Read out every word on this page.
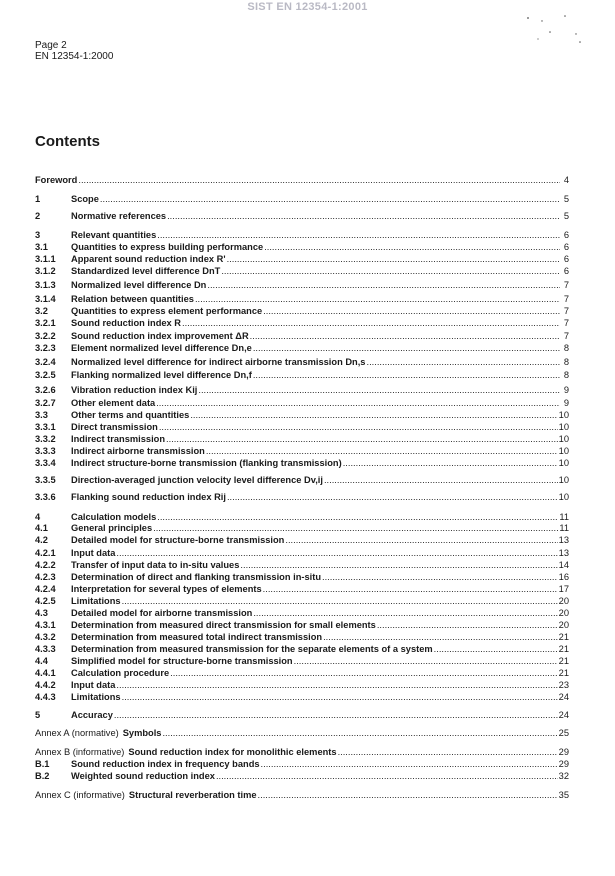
SIST EN 12354-1:2001
Page 2
EN 12354-1:2000
Contents
Foreword .....	4
1	Scope .....	5
2	Normative references .....	5
3	Relevant quantities .....	6
3.1	Quantities to express building performance .....	6
3.1.1	Apparent sound reduction index R' .....	6
3.1.2	Standardized level difference DnT .....	6
3.1.3	Normalized level difference Dn .....	7
3.1.4	Relation between quantities .....	7
3.2	Quantities to express element performance .....	7
3.2.1	Sound reduction index R .....	7
3.2.2	Sound reduction index improvement ΔR .....	7
3.2.3	Element normalized level difference Dn,e .....	8
3.2.4	Normalized level difference for indirect airborne transmission Dn,s .....	8
3.2.5	Flanking normalized level difference Dn,f .....	8
3.2.6	Vibration reduction index Kij .....	9
3.2.7	Other element data .....	9
3.3	Other terms and quantities .....	10
3.3.1	Direct transmission .....	10
3.3.2	Indirect transmission .....	10
3.3.3	Indirect airborne transmission .....	10
3.3.4	Indirect structure-borne transmission (flanking transmission) .....	10
3.3.5	Direction-averaged junction velocity level difference Dv,ij .....	10
3.3.6	Flanking sound reduction index Rij .....	10
4	Calculation models .....	11
4.1	General principles .....	11
4.2	Detailed model for structure-borne transmission .....	13
4.2.1	Input data .....	13
4.2.2	Transfer of input data to in-situ values .....	14
4.2.3	Determination of direct and flanking transmission in-situ .....	16
4.2.4	Interpretation for several types of elements .....	17
4.2.5	Limitations .....	20
4.3	Detailed model for airborne transmission .....	20
4.3.1	Determination from measured direct transmission for small elements .....	20
4.3.2	Determination from measured total indirect transmission .....	21
4.3.3	Determination from measured transmission for the separate elements of a system .....	21
4.4	Simplified model for structure-borne transmission .....	21
4.4.1	Calculation procedure .....	21
4.4.2	Input data .....	23
4.4.3	Limitations .....	24
5	Accuracy .....	24
Annex A (normative) Symbols .....	25
Annex B (informative) Sound reduction index for monolithic elements .....	29
B.1	Sound reduction index in frequency bands .....	29
B.2	Weighted sound reduction index .....	32
Annex C (informative) Structural reverberation time .....	35
